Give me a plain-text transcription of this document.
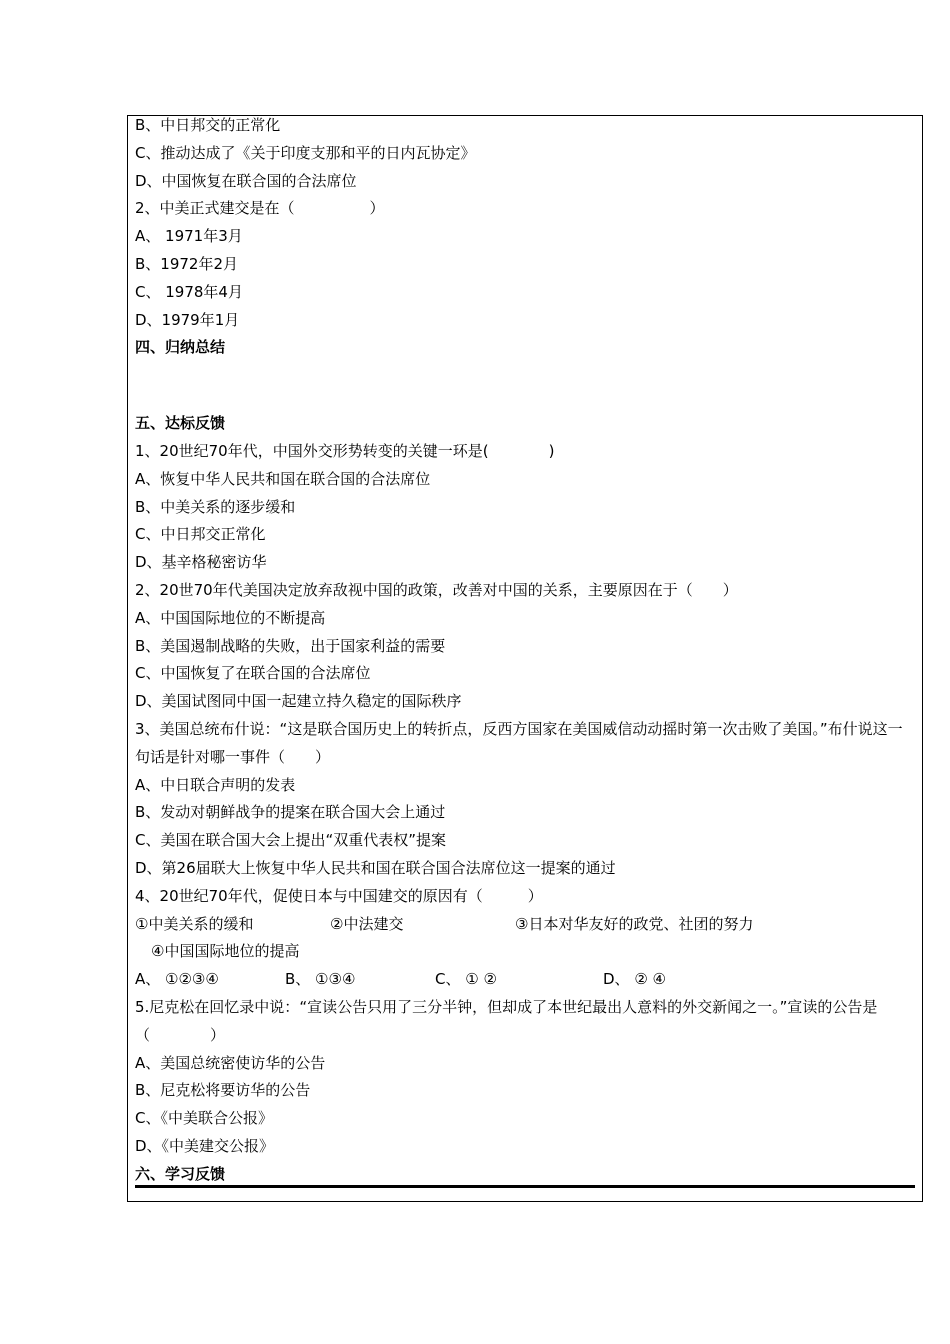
B、中日邦交的正常化
C、推动达成了《关于印度支那和平的日内瓦协定》
D、中国恢复在联合国的合法席位
2、中美正式建交是在（　　　　　）
A、 1971年3月
B、1972年2月
C、 1978年4月
D、1979年1月
四、归纳总结
五、达标反馈
1、20世纪70年代，中国外交形势转变的关键一环是(　　　　)
A、恢复中华人民共和国在联合国的合法席位
B、中美关系的逐步缓和
C、中日邦交正常化
D、基辛格秘密访华
2、20世70年代美国决定放弃敌视中国的政策，改善对中国的关系，主要原因在于（　　）
A、中国国际地位的不断提高
B、美国遏制战略的失败，出于国家利益的需要
C、中国恢复了在联合国的合法席位
D、美国试图同中国一起建立持久稳定的国际秩序
3、美国总统布什说：“这是联合国历史上的转折点，反西方国家在美国威信动动摇时第一次击败了美国。”布什说这一句话是针对哪一事件（　　）
A、中日联合声明的发表
B、发动对朝鲜战争的提案在联合国大会上通过
C、美国在联合国大会上提出“双重代表权”提案
D、第26届联大上恢复中华人民共和国在联合国合法席位这一提案的通过
4、20世纪70年代，促使日本与中国建交的原因有（　　　）
①中美关系的缓和	②中法建交	③日本对华友好的政党、社团的努力
④中国国际地位的提高
A、 ①②③④	B、 ①③④	C、 ① ②	D、 ② ④
5.尼克松在回忆录中说：“宣读公告只用了三分半钟，但却成了本世纪最出人意料的外交新闻之一。”宣读的公告是（　　　　）
A、美国总统密使访华的公告
B、尼克松将要访华的公告
C、《中美联合公报》
D、《中美建交公报》
六、学习反馈
